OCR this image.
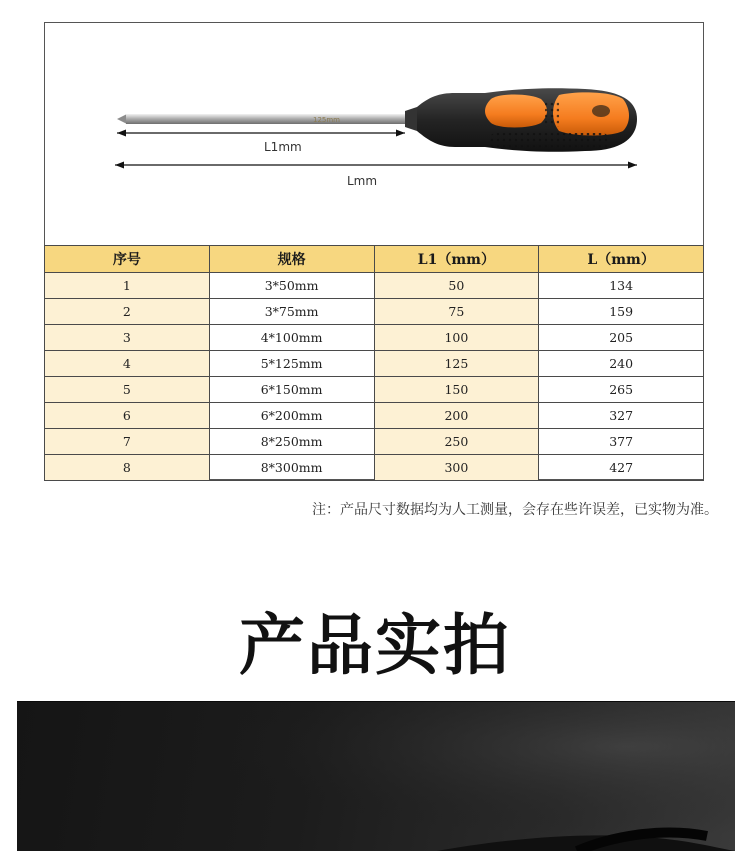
125mm
L1mm
Lmm
序号	规格	L1（mm）	L（mm）
1	3*50mm	50	134
2	3*75mm	75	159
3	4*100mm	100	205
4	5*125mm	125	240
5	6*150mm	150	265
6	6*200mm	200	327
7	8*250mm	250	377
8	8*300mm	300	427
注：产品尺寸数据均为人工测量，会存在些许误差，已实物为准。
产品实拍
